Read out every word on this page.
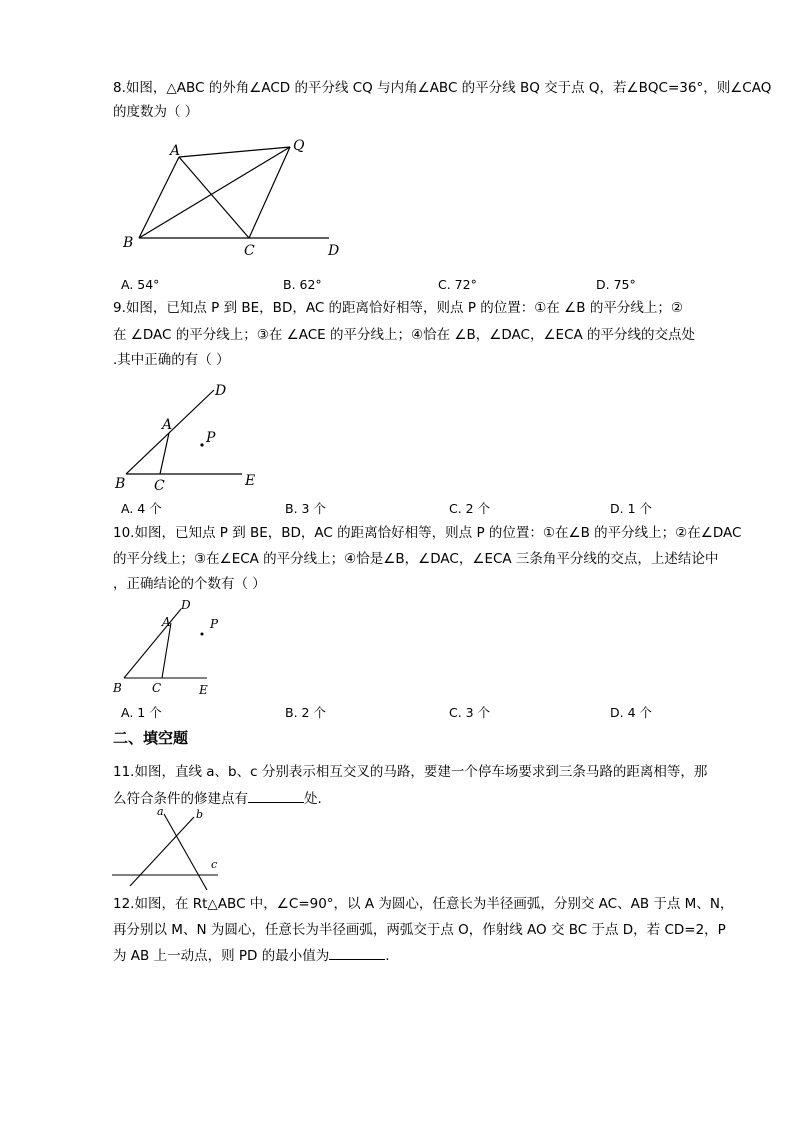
8.如图，△ABC 的外角∠ACD 的平分线 CQ 与内角∠ABC 的平分线 BQ 交于点 Q，若∠BQC=36°，则∠CAQ
的度数为（ ）
A	Q
B	C	D
A. 54°	B. 62°	C. 72°	D. 75°
9.如图，已知点 P 到 BE，BD，AC 的距离恰好相等，则点 P 的位置：①在 ∠B 的平分线上；②
在 ∠DAC 的平分线上；③在 ∠ACE 的平分线上；④恰在 ∠B，∠DAC，∠ECA 的平分线的交点处
.其中正确的有（ ）
D
A
P
B C	E
A. 4 个	B. 3 个	C. 2 个	D. 1 个
10.如图，已知点 P 到 BE，BD，AC 的距离恰好相等，则点 P 的位置：①在∠B 的平分线上；②在∠DAC
的平分线上；③在∠ECA 的平分线上；④恰是∠B，∠DAC，∠ECA 三条角平分线的交点，上述结论中
，正确结论的个数有（ ）
D
A	P
B	C	E
A. 1 个	B. 2 个	C. 3 个	D. 4 个
二、填空题
11.如图，直线 a、b、c 分别表示相互交叉的马路，要建一个停车场要求到三条马路的距离相等，那
么符合条件的修建点有	处.
a	b
c
12.如图，在 Rt△ABC 中，∠C=90°，以 A 为圆心，任意长为半径画弧，分别交 AC、AB 于点 M、N，
再分别以 M、N 为圆心，任意长为半径画弧，两弧交于点 O，作射线 AO 交 BC 于点 D，若 CD=2，P
为 AB 上一动点，则 PD 的最小值为	.
